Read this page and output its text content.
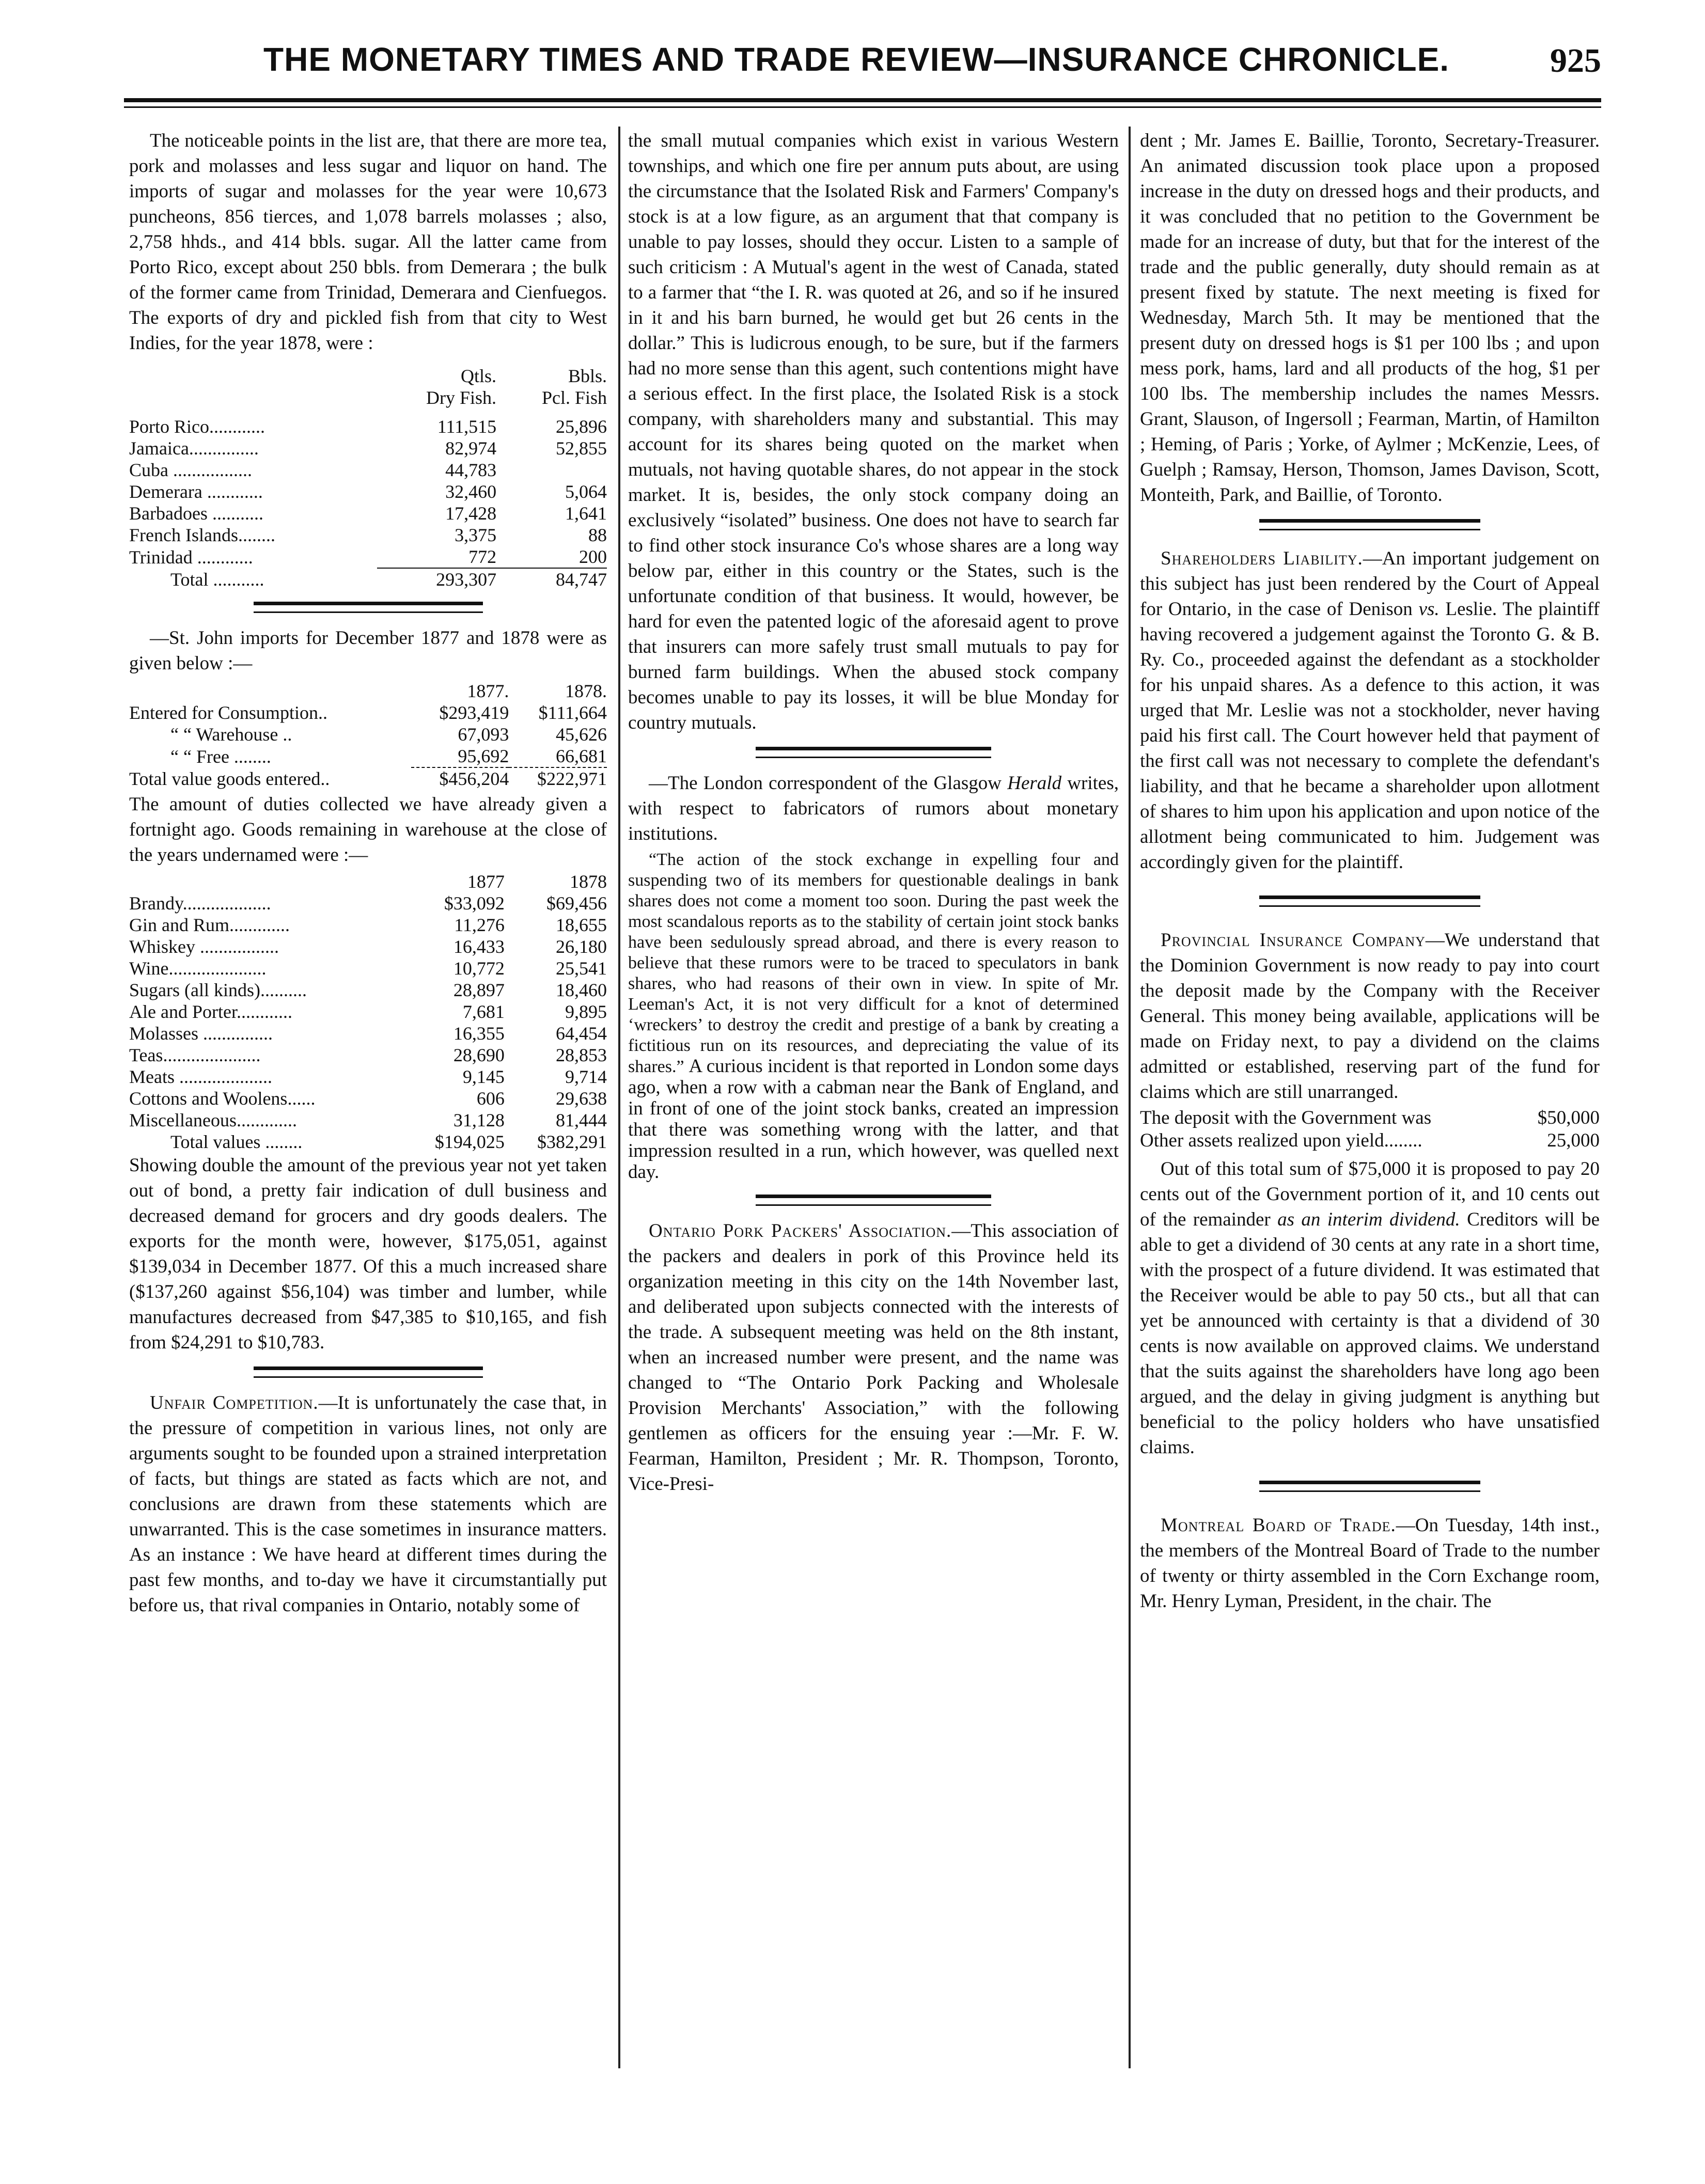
THE MONETARY TIMES AND TRADE REVIEW—INSURANCE CHRONICLE.	925

The noticeable points in the list are, that there are more tea, pork and molasses and less sugar and liquor on hand. The imports of sugar and molasses for the year were 10,673 puncheons, 856 tierces, and 1,078 barrels molasses ; also, 2,758 hhds., and 414 bbls. sugar. All the latter came from Porto Rico, except about 250 bbls. from Demerara ; the bulk of the former came from Trinidad, Demerara and Cienfuegos. The exports of dry and pickled fish from that city to West Indies, for the year 1878, were :

	Qtls.	Bbls.
	Dry Fish.	Pcl. Fish

Porto Rico............	111,515	25,896
Jamaica...............	82,974	52,855
Cuba .................	44,783	
Demerara ............	32,460	5,064
Barbadoes ...........	17,428	1,641
French Islands........	3,375	88
Trinidad ............	772	200
Total ...........	293,307	84,747

—St. John imports for December 1877 and 1878 were as given below :—

	1877.	1878.
Entered for Consumption..	$293,419	$111,664
“ “ Warehouse ..	67,093	45,626
“ “ Free ........	95,692	66,681
Total value goods entered..	$456,204	$222,971

The amount of duties collected we have already given a fortnight ago. Goods remaining in warehouse at the close of the years undernamed were :—

	1877	1878
Brandy...................	$33,092	$69,456
Gin and Rum.............	11,276	18,655
Whiskey .................	16,433	26,180
Wine.....................	10,772	25,541
Sugars (all kinds)..........	28,897	18,460
Ale and Porter............	7,681	9,895
Molasses ...............	16,355	64,454
Teas.....................	28,690	28,853
Meats ....................	9,145	9,714
Cottons and Woolens......	606	29,638
Miscellaneous.............	31,128	81,444
Total values ........	$194,025	$382,291

Showing double the amount of the previous year not yet taken out of bond, a pretty fair indication of dull business and decreased demand for grocers and dry goods dealers. The exports for the month were, however, $175,051, against $139,034 in December 1877. Of this a much increased share ($137,260 against $56,104) was timber and lumber, while manufactures decreased from $47,385 to $10,165, and fish from $24,291 to $10,783.

Unfair Competition.—It is unfortunately the case that, in the pressure of competition in various lines, not only are arguments sought to be founded upon a strained interpretation of facts, but things are stated as facts which are not, and conclusions are drawn from these statements which are unwarranted. This is the case sometimes in insurance matters. As an instance : We have heard at different times during the past few months, and to-day we have it circumstantially put before us, that rival companies in Ontario, notably some of

the small mutual companies which exist in various Western townships, and which one fire per annum puts about, are using the circumstance that the Isolated Risk and Farmers' Company's stock is at a low figure, as an argument that that company is unable to pay losses, should they occur. Listen to a sample of such criticism : A Mutual's agent in the west of Canada, stated to a farmer that “the I. R. was quoted at 26, and so if he insured in it and his barn burned, he would get but 26 cents in the dollar.” This is ludicrous enough, to be sure, but if the farmers had no more sense than this agent, such contentions might have a serious effect. In the first place, the Isolated Risk is a stock company, with shareholders many and substantial. This may account for its shares being quoted on the market when mutuals, not having quotable shares, do not appear in the stock market. It is, besides, the only stock company doing an exclusively “isolated” business. One does not have to search far to find other stock insurance Co's whose shares are a long way below par, either in this country or the States, such is the unfortunate condition of that business. It would, however, be hard for even the patented logic of the aforesaid agent to prove that insurers can more safely trust small mutuals to pay for burned farm buildings. When the abused stock company becomes unable to pay its losses, it will be blue Monday for country mutuals.

—The London correspondent of the Glasgow Herald writes, with respect to fabricators of rumors about monetary institutions.

“The action of the stock exchange in expelling four and suspending two of its members for questionable dealings in bank shares does not come a moment too soon. During the past week the most scandalous reports as to the stability of certain joint stock banks have been sedulously spread abroad, and there is every reason to believe that these rumors were to be traced to speculators in bank shares, who had reasons of their own in view. In spite of Mr. Leeman's Act, it is not very difficult for a knot of determined ‘wreckers’ to destroy the credit and prestige of a bank by creating a fictitious run on its resources, and depreciating the value of its shares.” A curious incident is that reported in London some days ago, when a row with a cabman near the Bank of England, and in front of one of the joint stock banks, created an impression that there was something wrong with the latter, and that impression resulted in a run, which however, was quelled next day.

Ontario Pork Packers' Association.—This association of the packers and dealers in pork of this Province held its organization meeting in this city on the 14th November last, and deliberated upon subjects connected with the interests of the trade. A subsequent meeting was held on the 8th instant, when an increased number were present, and the name was changed to “The Ontario Pork Packing and Wholesale Provision Merchants' Association,” with the following gentlemen as officers for the ensuing year :—Mr. F. W. Fearman, Hamilton, President ; Mr. R. Thompson, Toronto, Vice-Presi-

dent ; Mr. James E. Baillie, Toronto, Secretary-Treasurer. An animated discussion took place upon a proposed increase in the duty on dressed hogs and their products, and it was concluded that no petition to the Government be made for an increase of duty, but that for the interest of the trade and the public generally, duty should remain as at present fixed by statute. The next meeting is fixed for Wednesday, March 5th. It may be mentioned that the present duty on dressed hogs is $1 per 100 lbs ; and upon mess pork, hams, lard and all products of the hog, $1 per 100 lbs. The membership includes the names Messrs. Grant, Slauson, of Ingersoll ; Fearman, Martin, of Hamilton ; Heming, of Paris ; Yorke, of Aylmer ; McKenzie, Lees, of Guelph ; Ramsay, Herson, Thomson, James Davison, Scott, Monteith, Park, and Baillie, of Toronto.

Shareholders Liability.—An important judgement on this subject has just been rendered by the Court of Appeal for Ontario, in the case of Denison vs. Leslie. The plaintiff having recovered a judgement against the Toronto G. & B. Ry. Co., proceeded against the defendant as a stockholder for his unpaid shares. As a defence to this action, it was urged that Mr. Leslie was not a stockholder, never having paid his first call. The Court however held that payment of the first call was not necessary to complete the defendant's liability, and that he became a shareholder upon allotment of shares to him upon his application and upon notice of the allotment being communicated to him. Judgement was accordingly given for the plaintiff.

Provincial Insurance Company—We understand that the Dominion Government is now ready to pay into court the deposit made by the Company with the Receiver General. This money being available, applications will be made on Friday next, to pay a dividend on the claims admitted or established, reserving part of the fund for claims which are still unarranged.

The deposit with the Government was	$50,000
Other assets realized upon yield........	25,000

Out of this total sum of $75,000 it is proposed to pay 20 cents out of the Government portion of it, and 10 cents out of the remainder as an interim dividend. Creditors will be able to get a dividend of 30 cents at any rate in a short time, with the prospect of a future dividend. It was estimated that the Receiver would be able to pay 50 cts., but all that can yet be announced with certainty is that a dividend of 30 cents is now available on approved claims. We understand that the suits against the shareholders have long ago been argued, and the delay in giving judgment is anything but beneficial to the policy holders who have unsatisfied claims.

Montreal Board of Trade.—On Tuesday, 14th inst., the members of the Montreal Board of Trade to the number of twenty or thirty assembled in the Corn Exchange room, Mr. Henry Lyman, President, in the chair. The
